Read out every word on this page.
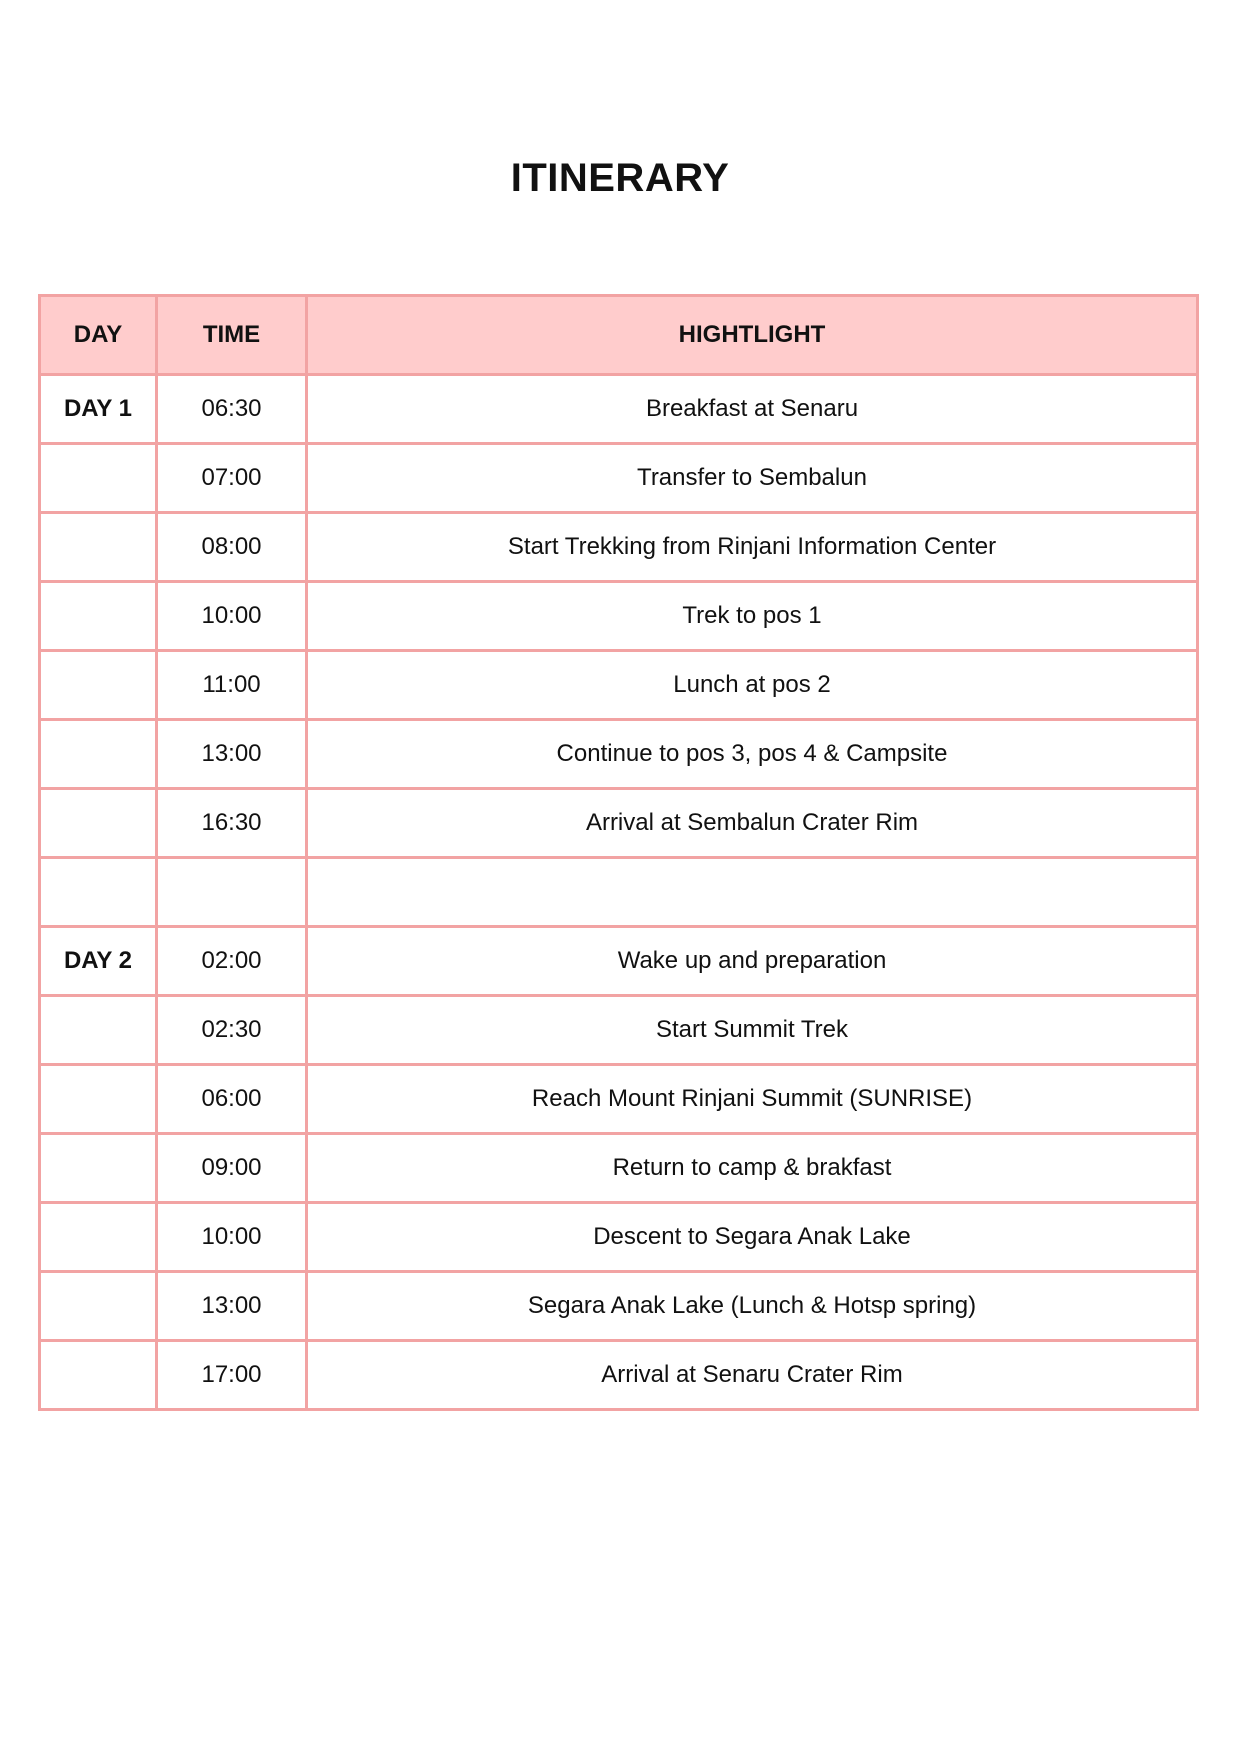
ITINERARY
DAY	TIME	HIGHTLIGHT
DAY 1	06:30	Breakfast at Senaru
	07:00	Transfer to Sembalun
	08:00	Start Trekking from Rinjani Information Center
	10:00	Trek to pos 1
	11:00	Lunch at pos 2
	13:00	Continue to pos 3, pos 4 & Campsite
	16:30	Arrival at Sembalun Crater Rim

DAY 2	02:00	Wake up and preparation
	02:30	Start Summit Trek
	06:00	Reach Mount Rinjani Summit (SUNRISE)
	09:00	Return to camp & brakfast
	10:00	Descent to Segara Anak Lake
	13:00	Segara Anak Lake (Lunch & Hotsp spring)
	17:00	Arrival at Senaru Crater Rim
